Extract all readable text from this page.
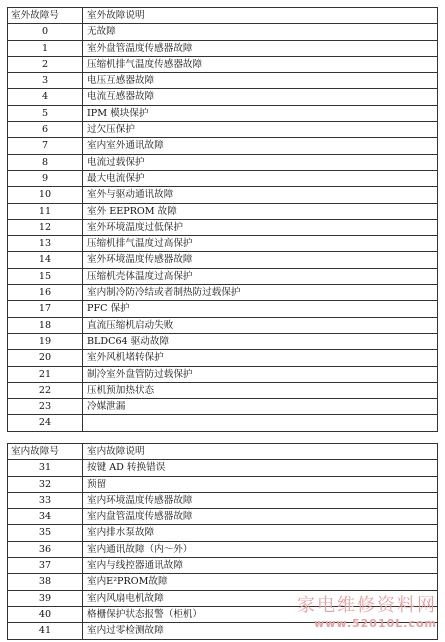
室外故障号	室外故障说明
0	无故障
1	室外盘管温度传感器故障
2	压缩机排气温度传感器故障
3	电压互感器故障
4	电流互感器故障
5	IPM 模块保护
6	过欠压保护
7	室内室外通讯故障
8	电流过载保护
9	最大电流保护
10	室外与驱动通讯故障
11	室外 EEPROM 故障
12	室外环境温度过低保护
13	压缩机排气温度过高保护
14	室外环境温度传感器故障
15	压缩机壳体温度过高保护
16	室内制冷防冷结或者制热防过载保护
17	PFC 保护
18	直流压缩机启动失败
19	BLDC64 驱动故障
20	室外风机堵转保护
21	制冷室外盘管防过载保护
22	压机预加热状态
23	冷媒泄漏
24	
室内故障号	室内故障说明
31	按键 AD 转换错误
32	预留
33	室内环境温度传感器故障
34	室内盘管温度传感器故障
35	室内排水泵故障
36	室内通讯故障（内～外）
37	室内与线控器通讯故障
38	室内E²PROM故障
39	室内风扇电机故障
40	格栅保护状态报警（柜机）
41	室内过零检测故障
家电维修资料网
www.52010L.com
